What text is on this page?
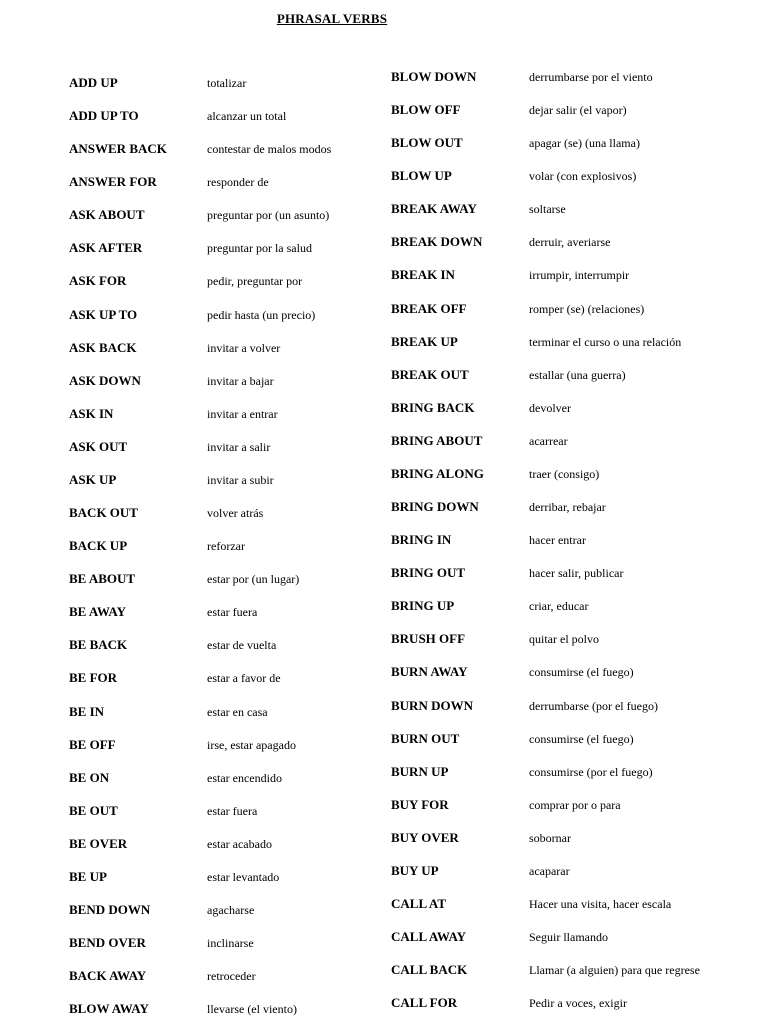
PHRASAL VERBS
ADD UP	totalizar
ADD UP TO	alcanzar un total
ANSWER BACK	contestar de malos modos
ANSWER FOR	responder de
ASK ABOUT	preguntar por (un asunto)
ASK AFTER	preguntar por la salud
ASK FOR	pedir, preguntar por
ASK UP TO	pedir hasta (un precio)
ASK BACK	invitar a volver
ASK DOWN	invitar a bajar
ASK IN	invitar a entrar
ASK OUT	invitar a salir
ASK UP	invitar a subir
BACK OUT	volver atrás
BACK UP	reforzar
BE ABOUT	estar por (un lugar)
BE AWAY	estar fuera
BE BACK	estar de vuelta
BE FOR	estar a favor de
BE IN	estar en casa
BE OFF	irse, estar apagado
BE ON	estar encendido
BE OUT	estar fuera
BE OVER	estar acabado
BE UP	estar levantado
BEND DOWN	agacharse
BEND OVER	inclinarse
BACK AWAY	retroceder
BLOW AWAY	llevarse (el viento)
BLOW DOWN	derrumbarse por el viento
BLOW OFF	dejar salir (el vapor)
BLOW OUT	apagar (se) (una llama)
BLOW UP	volar (con explosivos)
BREAK AWAY	soltarse
BREAK DOWN	derruir, averiarse
BREAK IN	irrumpir, interrumpir
BREAK OFF	romper (se) (relaciones)
BREAK UP	terminar el curso o una relación
BREAK OUT	estallar (una guerra)
BRING BACK	devolver
BRING ABOUT	acarrear
BRING ALONG	traer (consigo)
BRING DOWN	derribar, rebajar
BRING IN	hacer entrar
BRING OUT	hacer salir, publicar
BRING UP	criar, educar
BRUSH OFF	quitar el polvo
BURN AWAY	consumirse (el fuego)
BURN DOWN	derrumbarse (por el fuego)
BURN OUT	consumirse (el fuego)
BURN UP	consumirse (por el fuego)
BUY FOR	comprar por o para
BUY OVER	sobornar
BUY UP	acaparar
CALL AT	Hacer una visita, hacer escala
CALL AWAY	Seguir llamando
CALL BACK	Llamar (a alguien) para que regrese
CALL FOR	Pedir a voces, exigir
